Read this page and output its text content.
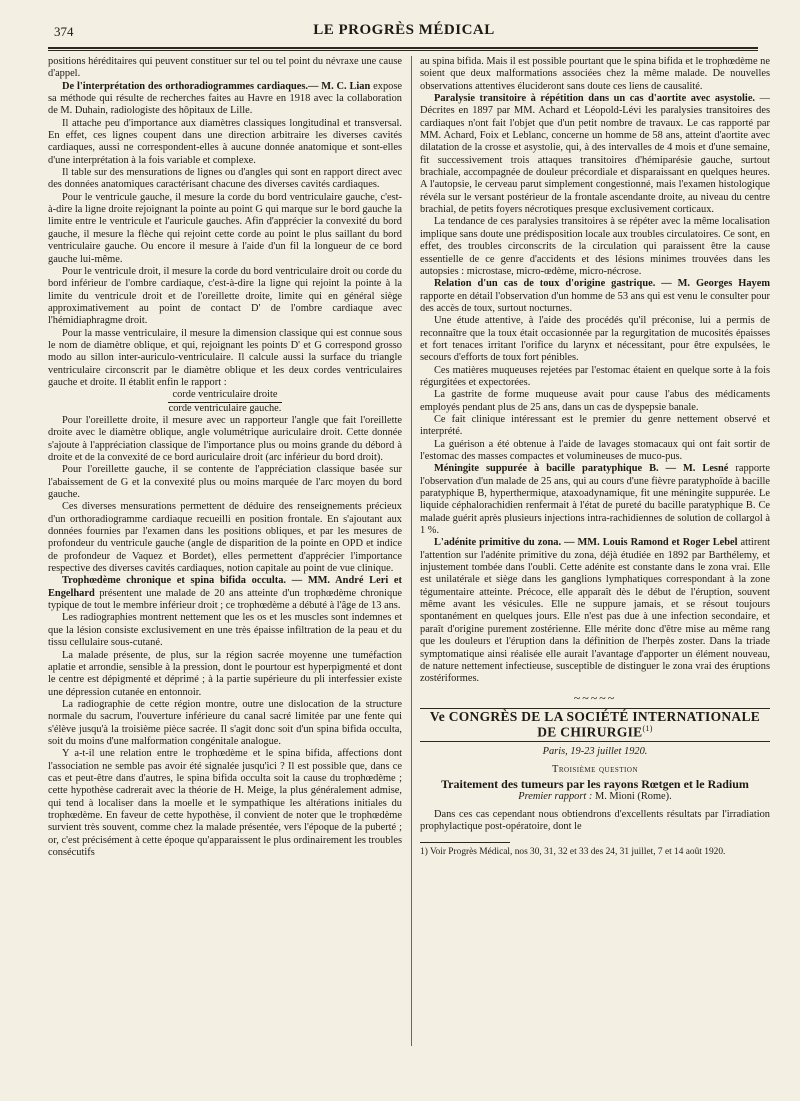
374	LE PROGRÈS MÉDICAL

positions héréditaires qui peuvent constituer sur tel ou tel point du névraxe une cause d'appel.

De l'interprétation des orthoradiogrammes cardiaques.— M. C. Lian expose sa méthode qui résulte de recherches faites au Havre en 1918 avec la collaboration de M. Duhain, radiologiste des hôpitaux de Lille.

Il attache peu d'importance aux diamètres classiques longitudinal et transversal. En effet, ces lignes coupent dans une direction arbitraire les diverses cavités cardiaques, aussi ne correspondent-elles à aucune donnée anatomique et sont-elles d'une interprétation à la fois variable et complexe.

Il table sur des mensurations de lignes ou d'angles qui sont en rapport direct avec des données anatomiques caractérisant chacune des diverses cavités cardiaques.

Pour le ventricule gauche, il mesure la corde du bord ventriculaire gauche, c'est-à-dire la ligne droite rejoignant la pointe au point G qui marque sur le bord gauche la limite entre le ventricule et l'auricule gauches. Afin d'apprécier la convexité du bord gauche, il mesure la flèche qui rejoint cette corde au point le plus saillant du bord ventriculaire gauche. Ou encore il mesure à l'aide d'un fil la longueur de ce bord gauche lui-même.

Pour le ventricule droit, il mesure la corde du bord ventriculaire droit ou corde du bord inférieur de l'ombre cardiaque, c'est-à-dire la ligne qui rejoint la pointe à la limite du ventricule droit et de l'oreillette droite, limite qui en général siège approximativement au point de contact D' de l'ombre cardiaque avec l'hémidiaphragme droit.

Pour la masse ventriculaire, il mesure la dimension classique qui est connue sous le nom de diamètre oblique, et qui, rejoignant les points D' et G correspond grosso modo au sillon inter-auriculo-ventriculaire. Il calcule aussi la surface du triangle ventriculaire circonscrit par le diamètre oblique et les deux cordes ventriculaires gauche et droite. Il établit enfin le rapport :

corde ventriculaire droite
corde ventriculaire gauche.

Pour l'oreillette droite, il mesure avec un rapporteur l'angle que fait l'oreillette droite avec le diamètre oblique, angle volumétrique auriculaire droit. Cette donnée s'ajoute à l'appréciation classique de l'importance plus ou moins grande du débord à droite et de la convexité de ce bord auriculaire droit (arc inférieur du bord droit).

Pour l'oreillette gauche, il se contente de l'appréciation classique basée sur l'abaissement de G et la convexité plus ou moins marquée de l'arc moyen du bord gauche.

Ces diverses mensurations permettent de déduire des renseignements précieux d'un orthoradiogramme cardiaque recueilli en position frontale. En s'ajoutant aux données fournies par l'examen dans les positions obliques, et par les mesures de profondeur du ventricule gauche (angle de disparition de la pointe en OPD et indice de profondeur de Vaquez et Bordet), elles permettent d'apprécier l'importance respective des diverses cavités cardiaques, notion capitale au point de vue clinique.

Trophœdème chronique et spina bifida occulta. — MM. André Leri et Engelhard présentent une malade de 20 ans atteinte d'un trophœdème chronique typique de tout le membre inférieur droit ; ce trophœdème a débuté à l'âge de 13 ans.

Les radiographies montrent nettement que les os et les muscles sont indemnes et que la lésion consiste exclusivement en une très épaisse infiltration de la peau et du tissu cellulaire sous-cutané.

La malade présente, de plus, sur la région sacrée moyenne une tuméfaction aplatie et arrondie, sensible à la pression, dont le pourtour est hyperpigmenté et dont le centre est dépigmenté et déprimé ; à la partie supérieure du pli interfessier existe une dépression cutanée en entonnoir.

La radiographie de cette région montre, outre une dislocation de la structure normale du sacrum, l'ouverture inférieure du canal sacré limitée par une fente qui s'élève jusqu'à la troisième pièce sacrée. Il s'agit donc soit d'un spina bifida occulta, soit du moins d'une malformation congénitale analogue.

Y a-t-il une relation entre le trophœdème et le spina bifida, affections dont l'association ne semble pas avoir été signalée jusqu'ici ? Il est possible que, dans ce cas et peut-être dans d'autres, le spina bifida occulta soit la cause du trophœdème ; cette hypothèse cadrerait avec la théorie de H. Meige, la plus généralement admise, qui tend à localiser dans la moelle et le sympathique les altérations initiales du trophœdème. En faveur de cette hypothèse, il convient de noter que le trophœdème survient très souvent, comme chez la malade présentée, vers l'époque de la puberté ; or, c'est précisément à cette époque qu'apparaissent le plus ordinairement les troubles consécutifs

au spina bifida. Mais il est possible pourtant que le spina bifida et le trophœdème ne soient que deux malformations associées chez la même malade. De nouvelles observations attentives élucideront sans doute ces liens de causalité.

Paralysie transitoire à répétition dans un cas d'aortite avec asystolie. — Décrites en 1897 par MM. Achard et Léopold-Lévi les paralysies transitoires des cardiaques n'ont fait l'objet que d'un petit nombre de travaux. Le cas rapporté par MM. Achard, Foix et Leblanc, concerne un homme de 58 ans, atteint d'aortite avec dilatation de la crosse et asystolie, qui, à des intervalles de 4 mois et d'une semaine, fit successivement trois attaques transitoires d'hémiparésie gauche, surtout brachiale, accompagnée de douleur précordiale et disparaissant en quelques heures. A l'autopsie, le cerveau parut simplement congestionné, mais l'examen histologique révéla sur le versant postérieur de la frontale ascendante droite, au niveau du centre brachial, de petits foyers nécrotiques presque exclusivement corticaux.

La tendance de ces paralysies transitoires à se répéter avec la même localisation implique sans doute une prédisposition locale aux troubles circulatoires. Ce sont, en effet, des troubles circonscrits de la circulation qui paraissent être la cause essentielle de ce genre d'accidents et des lésions minimes trouvées dans les autopsies : microstase, micro-œdème, micro-nécrose.

Relation d'un cas de toux d'origine gastrique. — M. Georges Hayem rapporte en détail l'observation d'un homme de 53 ans qui est venu le consulter pour des accès de toux, surtout nocturnes.

Une étude attentive, à l'aide des procédés qu'il préconise, lui a permis de reconnaître que la toux était occasionnée par la regurgitation de mucosités épaisses et fort tenaces irritant l'orifice du larynx et nécessitant, pour être expulsées, le secours d'efforts de toux fort pénibles.

Ces matières muqueuses rejetées par l'estomac étaient en quelque sorte à la fois régurgitées et expectorées.

La gastrite de forme muqueuse avait pour cause l'abus des médicaments employés pendant plus de 25 ans, dans un cas de dyspepsie banale.

Ce fait clinique intéressant est le premier du genre nettement observé et interprété.

La guérison a été obtenue à l'aide de lavages stomacaux qui ont fait sortir de l'estomac des masses compactes et volumineuses de muco-pus.

Méningite suppurée à bacille paratyphique B. — M. Lesné rapporte l'observation d'un malade de 25 ans, qui au cours d'une fièvre paratyphoïde à bacille paratyphique B, hyperthermique, ataxoadynamique, fit une méningite suppurée. Le liquide céphalorachidien renfermait à l'état de pureté du bacille paratyphique B. Ce malade guérit après plusieurs injections intra-rachidiennes de solution de collargol à 1 %.

L'adénite primitive du zona. — MM. Louis Ramond et Roger Lebel attirent l'attention sur l'adénite primitive du zona, déjà étudiée en 1892 par Barthélemy, et injustement tombée dans l'oubli. Cette adénite est constante dans le zona vrai. Elle est unilatérale et siège dans les ganglions lymphatiques correspondant à la zone tégumentaire atteinte. Précoce, elle apparaît dès le début de l'éruption, souvent même avant les vésicules. Elle ne suppure jamais, et se résout toujours spontanément en quelques jours. Elle n'est pas due à une infection secondaire, et paraît d'origine purement zostérienne. Elle mérite donc d'être mise au même rang que les douleurs et l'éruption dans la définition de l'herpès zoster. Dans la triade symptomatique ainsi réalisée elle aurait l'avantage d'apporter un élément nouveau, de nature nettement infectieuse, susceptible de distinguer le zona vrai des éruptions zostériformes.

~~~~~
Ve CONGRÈS DE LA SOCIÉTÉ INTERNATIONALE DE CHIRURGIE$^{(1)}$

Paris, 19-23 juillet 1920.

Troisième question

Traitement des tumeurs par les rayons Rœtgen et le Radium

Premier rapport : M. Mioni (Rome).

Dans ces cas cependant nous obtiendrons d'excellents résultats par l'irradiation prophylactique post-opératoire, dont le

1) Voir Progrès Médical, nos 30, 31, 32 et 33 des 24, 31 juillet, 7 et 14 août 1920.
